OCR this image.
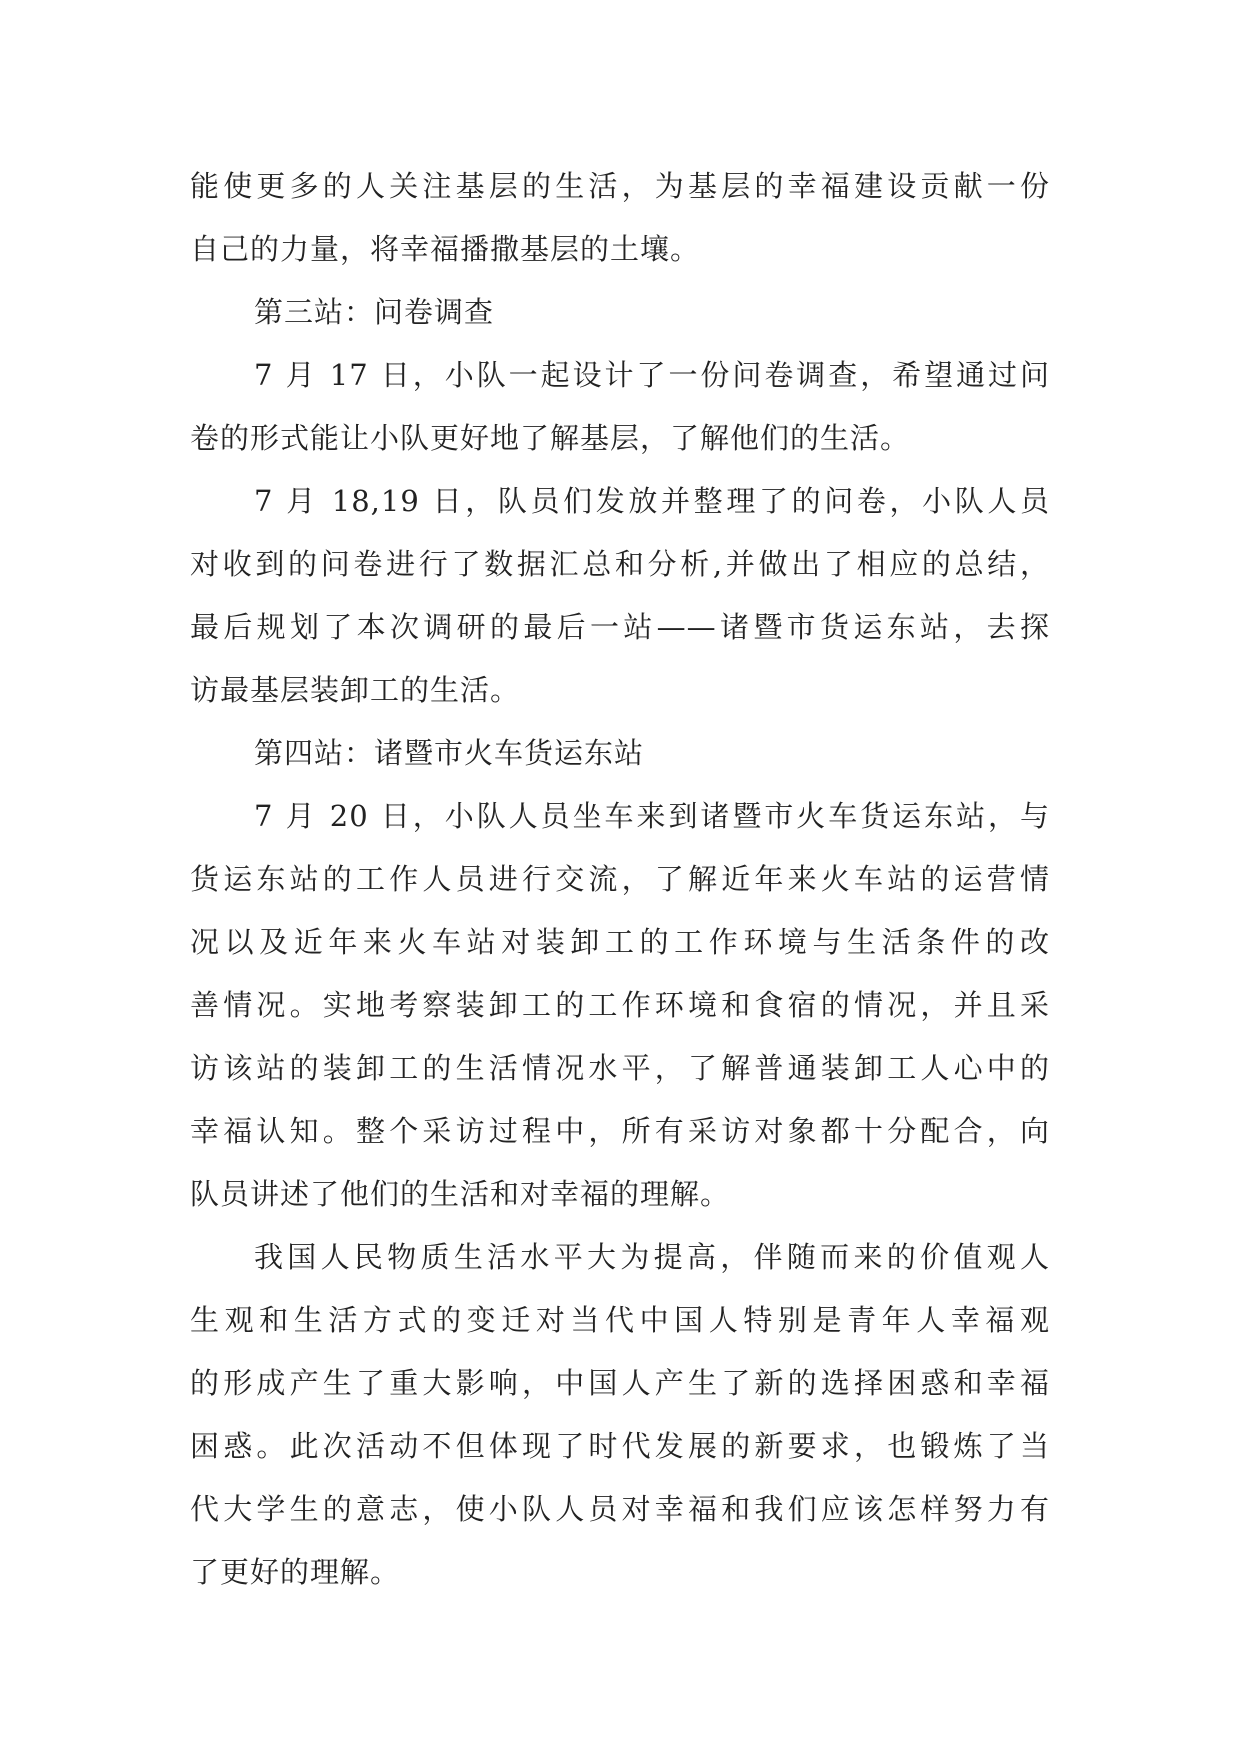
能使更多的人关注基层的生活，为基层的幸福建设贡献一份
自己的力量，将幸福播撒基层的土壤。

第三站：问卷调查

7 月 17 日，小队一起设计了一份问卷调查，希望通过问
卷的形式能让小队更好地了解基层，了解他们的生活。

7 月 18,19 日，队员们发放并整理了的问卷，小队人员
对收到的问卷进行了数据汇总和分析,并做出了相应的总结，
最后规划了本次调研的最后一站——诸暨市货运东站，去探
访最基层装卸工的生活。

第四站：诸暨市火车货运东站

7 月 20 日，小队人员坐车来到诸暨市火车货运东站，与
货运东站的工作人员进行交流，了解近年来火车站的运营情
况以及近年来火车站对装卸工的工作环境与生活条件的改
善情况。实地考察装卸工的工作环境和食宿的情况，并且采
访该站的装卸工的生活情况水平，了解普通装卸工人心中的
幸福认知。整个采访过程中，所有采访对象都十分配合，向
队员讲述了他们的生活和对幸福的理解。

我国人民物质生活水平大为提高，伴随而来的价值观人
生观和生活方式的变迁对当代中国人特别是青年人幸福观
的形成产生了重大影响，中国人产生了新的选择困惑和幸福
困惑。此次活动不但体现了时代发展的新要求，也锻炼了当
代大学生的意志，使小队人员对幸福和我们应该怎样努力有
了更好的理解。
